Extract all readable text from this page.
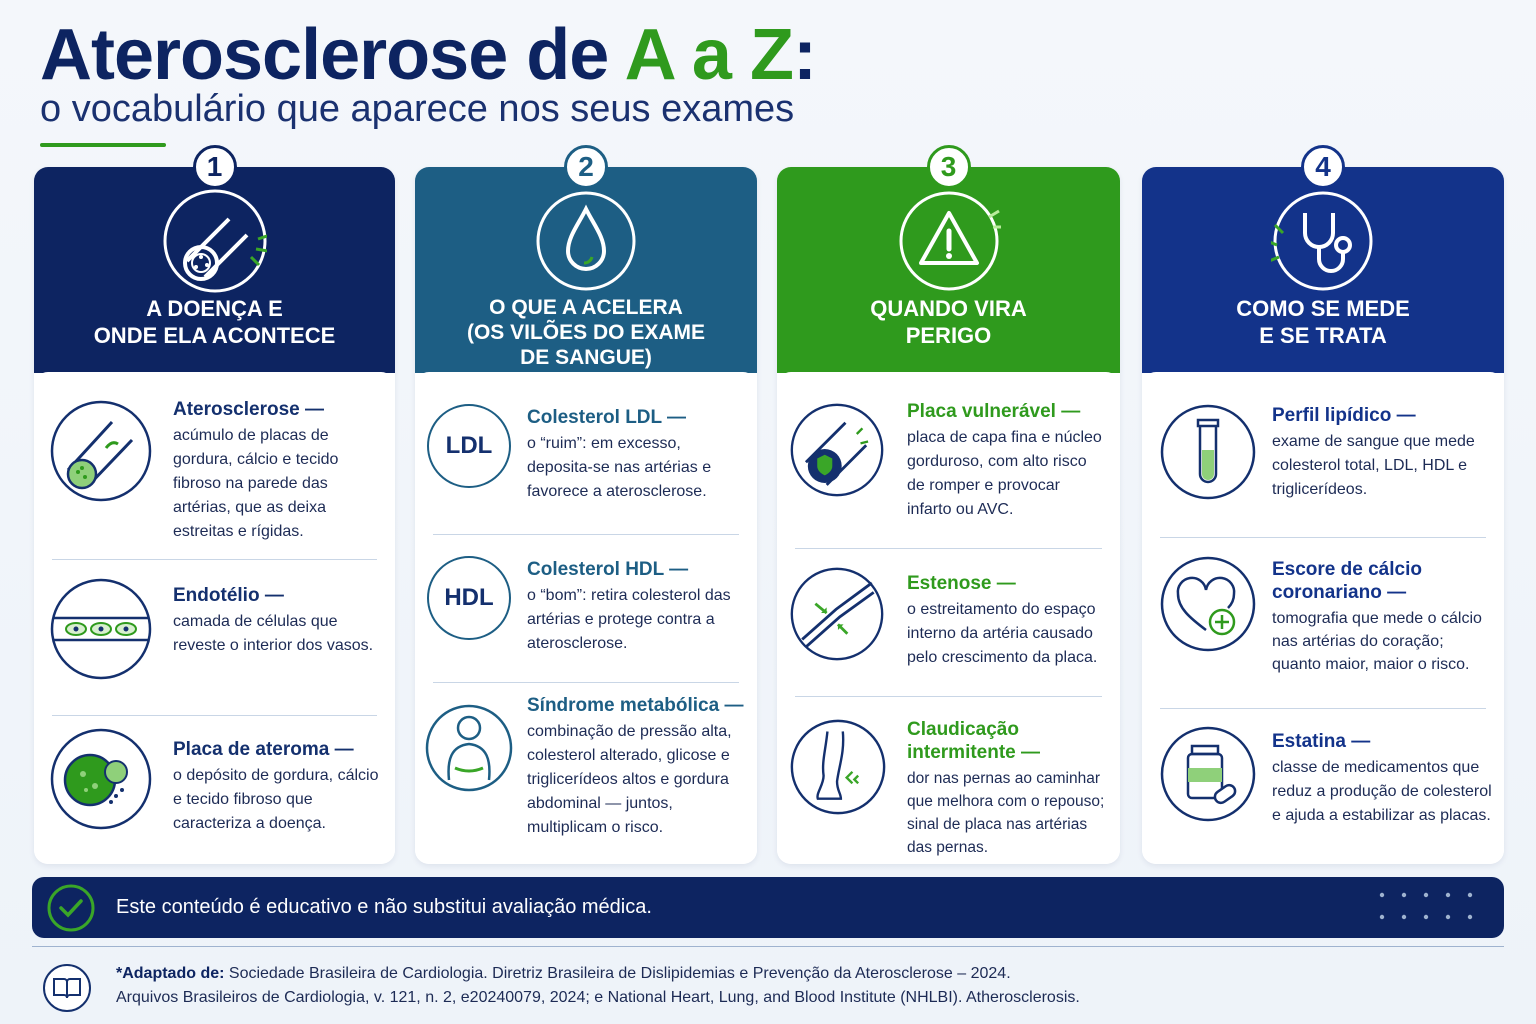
Aterosclerose de A a Z:
o vocabulário que aparece nos seus exames
1
A DOENÇA E
ONDE ELA ACONTECE
Aterosclerose —
acúmulo de placas de gordura, cálcio e tecido fibroso na parede das artérias, que as deixa estreitas e rígidas.
Endotélio —
camada de células que reveste o interior dos vasos.
Placa de ateroma —
o depósito de gordura, cálcio e tecido fibroso que caracteriza a doença.
2
O QUE A ACELERA
(OS VILÕES DO EXAME
DE SANGUE)
LDL
Colesterol LDL —
o “ruim”: em excesso, deposita-se nas artérias e favorece a aterosclerose.
HDL
Colesterol HDL —
o “bom”: retira colesterol das artérias e protege contra a aterosclerose.
Síndrome metabólica —
combinação de pressão alta, colesterol alterado, glicose e triglicerídeos altos e gordura abdominal — juntos, multiplicam o risco.
3
QUANDO VIRA
PERIGO
Placa vulnerável —
placa de capa fina e núcleo gorduroso, com alto risco de romper e provocar infarto ou AVC.
Estenose —
o estreitamento do espaço interno da artéria causado pelo crescimento da placa.
Claudicação intermitente —
dor nas pernas ao caminhar que melhora com o repouso; sinal de placa nas artérias das pernas.
4
COMO SE MEDE
E SE TRATA
Perfil lipídico —
exame de sangue que mede colesterol total, LDL, HDL e triglicerídeos.
Escore de cálcio coronariano —
tomografia que mede o cálcio nas artérias do coração; quanto maior, maior o risco.
Estatina —
classe de medicamentos que reduz a produção de colesterol e ajuda a estabilizar as placas.
Este conteúdo é educativo e não substitui avaliação médica.
*Adaptado de: Sociedade Brasileira de Cardiologia. Diretriz Brasileira de Dislipidemias e Prevenção da Aterosclerose – 2024.
Arquivos Brasileiros de Cardiologia, v. 121, n. 2, e20240079, 2024; e National Heart, Lung, and Blood Institute (NHLBI). Atherosclerosis.
